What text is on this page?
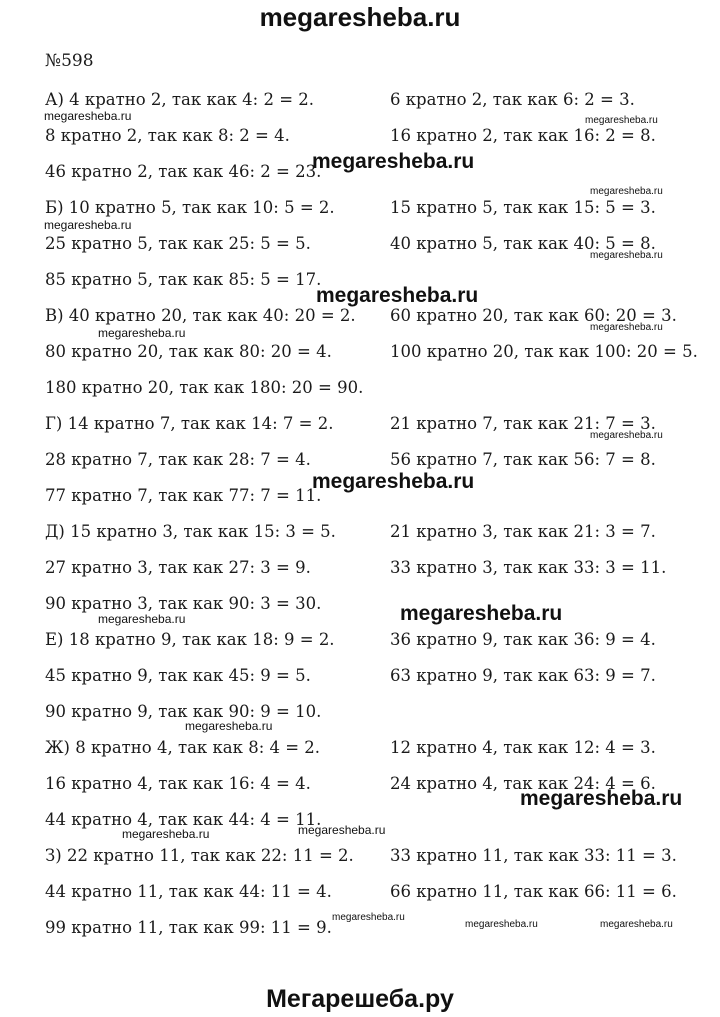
megaresheba.ru
№598
А) 4 кратно 2, так как 4: 2 = 2.	6 кратно 2, так как 6: 2 = 3.
8 кратно 2, так как 8: 2 = 4.	16 кратно 2, так как 16: 2 = 8.
46 кратно 2, так как 46: 2 = 23.
Б) 10 кратно 5, так как 10: 5 = 2.	15 кратно 5, так как 15: 5 = 3.
25 кратно 5, так как 25: 5 = 5.	40 кратно 5, так как 40: 5 = 8.
85 кратно 5, так как 85: 5 = 17.
В) 40 кратно 20, так как 40: 20 = 2. 60 кратно 20, так как 60: 20 = 3.
80 кратно 20, так как 80: 20 = 4.	100 кратно 20, так как 100: 20 = 5.
180 кратно 20, так как 180: 20 = 90.
Г) 14 кратно 7, так как 14: 7 = 2.	21 кратно 7, так как 21: 7 = 3.
28 кратно 7, так как 28: 7 = 4.	56 кратно 7, так как 56: 7 = 8.
77 кратно 7, так как 77: 7 = 11.
Д) 15 кратно 3, так как 15: 3 = 5.	21 кратно 3, так как 21: 3 = 7.
27 кратно 3, так как 27: 3 = 9.	33 кратно 3, так как 33: 3 = 11.
90 кратно 3, так как 90: 3 = 30.
Е) 18 кратно 9, так как 18: 9 = 2.	36 кратно 9, так как 36: 9 = 4.
45 кратно 9, так как 45: 9 = 5.	63 кратно 9, так как 63: 9 = 7.
90 кратно 9, так как 90: 9 = 10.
Ж) 8 кратно 4, так как 8: 4 = 2.	12 кратно 4, так как 12: 4 = 3.
16 кратно 4, так как 16: 4 = 4.	24 кратно 4, так как 24: 4 = 6.
44 кратно 4, так как 44: 4 = 11.
З) 22 кратно 11, так как 22: 11 = 2. 33 кратно 11, так как 33: 11 = 3.
44 кратно 11, так как 44: 11 = 4.	66 кратно 11, так как 66: 11 = 6.
99 кратно 11, так как 99: 11 = 9.
megaresheba.ru	megaresheba.ru
megaresheba.ru
megaresheba.ru
megaresheba.ru
megaresheba.ru
megaresheba.ru
megaresheba.ru	megaresheba.ru
megaresheba.ru
megaresheba.ru
megaresheba.ru
megaresheba.ru
megaresheba.ru
megaresheba.ru
megaresheba.ru
megaresheba.ru
megaresheba.ru
megaresheba.ru	megaresheba.ru
Мегарешеба.ру
